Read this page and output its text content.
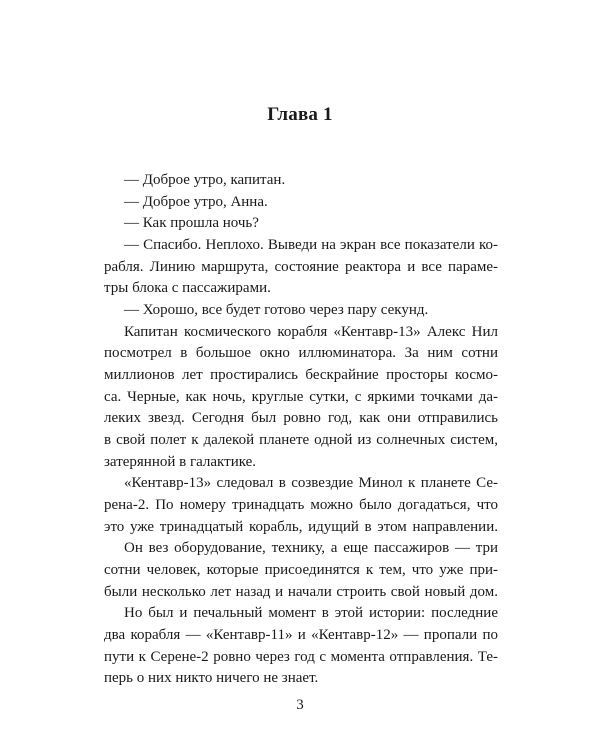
Глава 1
— Доброе утро, капитан.
— Доброе утро, Анна.
— Как прошла ночь?
— Спасибо. Неплохо. Выведи на экран все показатели ко-
рабля. Линию маршрута, состояние реактора и все параме-
тры блока с пассажирами.
— Хорошо, все будет готово через пару секунд.
Капитан космического корабля «Кентавр-13» Алекс Нил
посмотрел в большое окно иллюминатора. За ним сотни
миллионов лет простирались бескрайние просторы космо-
са. Черные, как ночь, круглые сутки, с яркими точками да-
леких звезд. Сегодня был ровно год, как они отправились
в свой полет к далекой планете одной из солнечных систем,
затерянной в галактике.
«Кентавр-13» следовал в созвездие Минол к планете Се-
рена-2. По номеру тринадцать можно было догадаться, что
это уже тринадцатый корабль, идущий в этом направлении.
Он вез оборудование, технику, а еще пассажиров — три
сотни человек, которые присоединятся к тем, что уже при-
были несколько лет назад и начали строить свой новый дом.
Но был и печальный момент в этой истории: последние
два корабля — «Кентавр-11» и «Кентавр-12» — пропали по
пути к Серене-2 ровно через год с момента отправления. Те-
перь о них никто ничего не знает.
3
